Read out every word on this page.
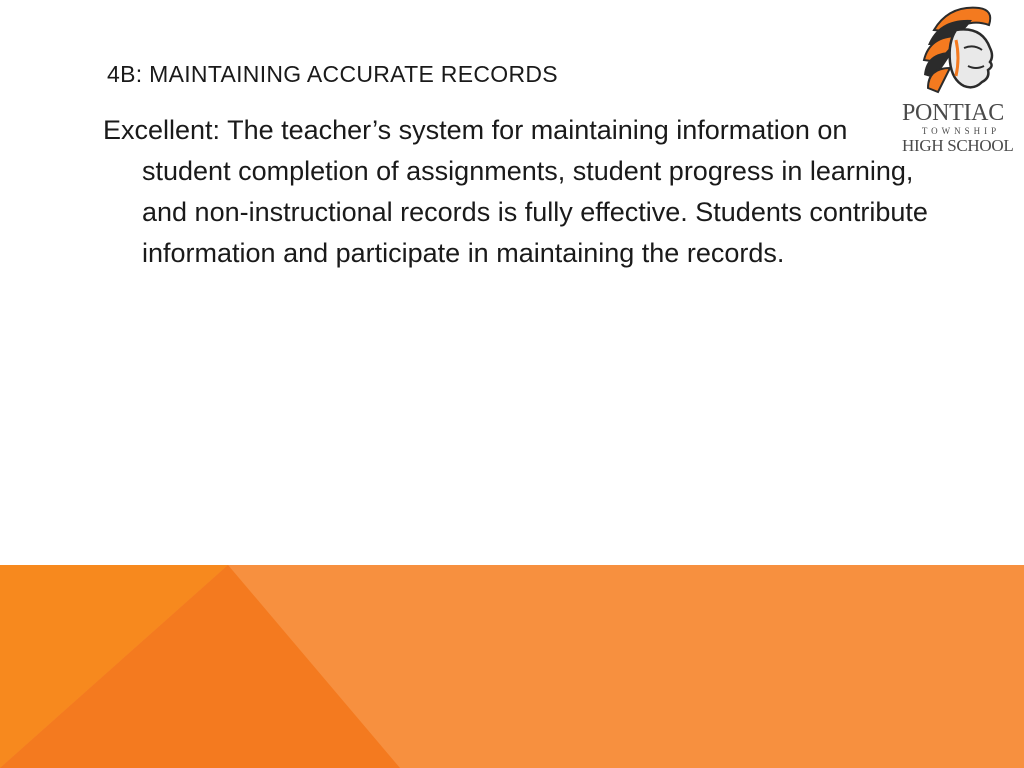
4B: MAINTAINING ACCURATE RECORDS

Excellent: The teacher’s system for maintaining information on student completion of assignments, student progress in learning, and non-instructional records is fully effective. Students contribute information and participate in maintaining the records.

PONTIAC
TOWNSHIP
HIGH SCHOOL
